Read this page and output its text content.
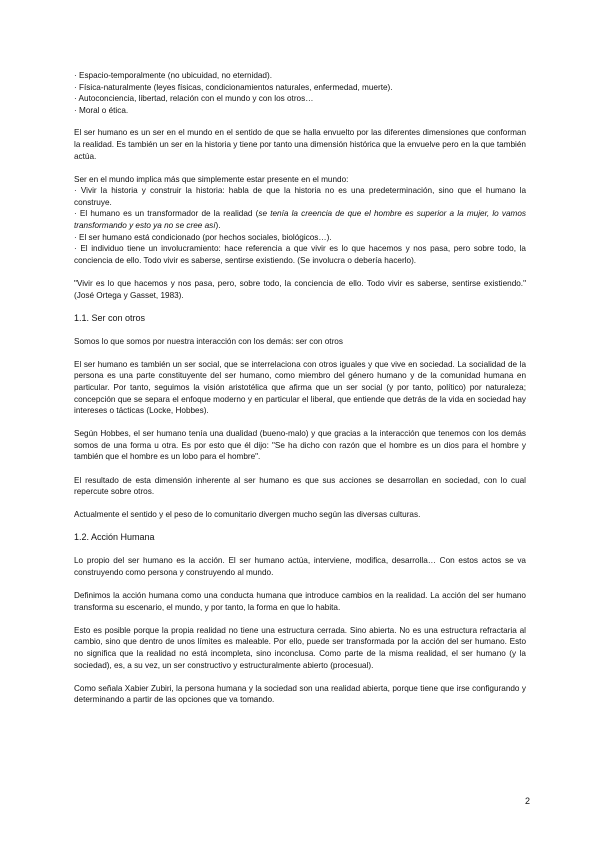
· Espacio-temporalmente (no ubicuidad, no eternidad).
· Física-naturalmente (leyes físicas, condicionamientos naturales, enfermedad, muerte).
· Autoconciencia, libertad, relación con el mundo y con los otros…
· Moral o ética.

El ser humano es un ser en el mundo en el sentido de que se halla envuelto por las diferentes dimensiones que conforman la realidad. Es también un ser en la historia y tiene por tanto una dimensión histórica que la envuelve pero en la que también actúa.

Ser en el mundo implica más que simplemente estar presente en el mundo:

· Vivir la historia y construir la historia: habla de que la historia no es una predeterminación, sino que el humano la construye.

· El humano es un transformador de la realidad (se tenía la creencia de que el hombre es superior a la mujer, lo vamos transformando y esto ya no se cree así).

· El ser humano está condicionado (por hechos sociales, biológicos…).

· El individuo tiene un involucramiento: hace referencia a que vivir es lo que hacemos y nos pasa, pero sobre todo, la conciencia de ello. Todo vivir es saberse, sentirse existiendo. (Se involucra o debería hacerlo).

"Vivir es lo que hacemos y nos pasa, pero, sobre todo, la conciencia de ello. Todo vivir es saberse, sentirse existiendo." (José Ortega y Gasset, 1983).

1.1. Ser con otros

Somos lo que somos por nuestra interacción con los demás: ser con otros

El ser humano es también un ser social, que se interrelaciona con otros iguales y que vive en sociedad. La socialidad de la persona es una parte constituyente del ser humano, como miembro del género humano y de la comunidad humana en particular. Por tanto, seguimos la visión aristotélica que afirma que un ser social (y por tanto, político) por naturaleza; concepción que se separa el enfoque moderno y en particular el liberal, que entiende que detrás de la vida en sociedad hay intereses o tácticas (Locke, Hobbes).

Según Hobbes, el ser humano tenía una dualidad (bueno-malo) y que gracias a la interacción que tenemos con los demás somos de una forma u otra. Es por esto que él dijo: "Se ha dicho con razón que el hombre es un dios para el hombre y también que el hombre es un lobo para el hombre".

El resultado de esta dimensión inherente al ser humano es que sus acciones se desarrollan en sociedad, con lo cual repercute sobre otros.

Actualmente el sentido y el peso de lo comunitario divergen mucho según las diversas culturas.

1.2. Acción Humana

Lo propio del ser humano es la acción. El ser humano actúa, interviene, modifica, desarrolla… Con estos actos se va construyendo como persona y construyendo al mundo.

Definimos la acción humana como una conducta humana que introduce cambios en la realidad. La acción del ser humano transforma su escenario, el mundo, y por tanto, la forma en que lo habita.

Esto es posible porque la propia realidad no tiene una estructura cerrada. Sino abierta. No es una estructura refractaria al cambio, sino que dentro de unos límites es maleable. Por ello, puede ser transformada por la acción del ser humano. Esto no significa que la realidad no está incompleta, sino inconclusa. Como parte de la misma realidad, el ser humano (y la sociedad), es, a su vez, un ser constructivo y estructuralmente abierto (procesual).

Como señala Xabier Zubiri, la persona humana y la sociedad son una realidad abierta, porque tiene que irse configurando y determinando a partir de las opciones que va tomando.

2
